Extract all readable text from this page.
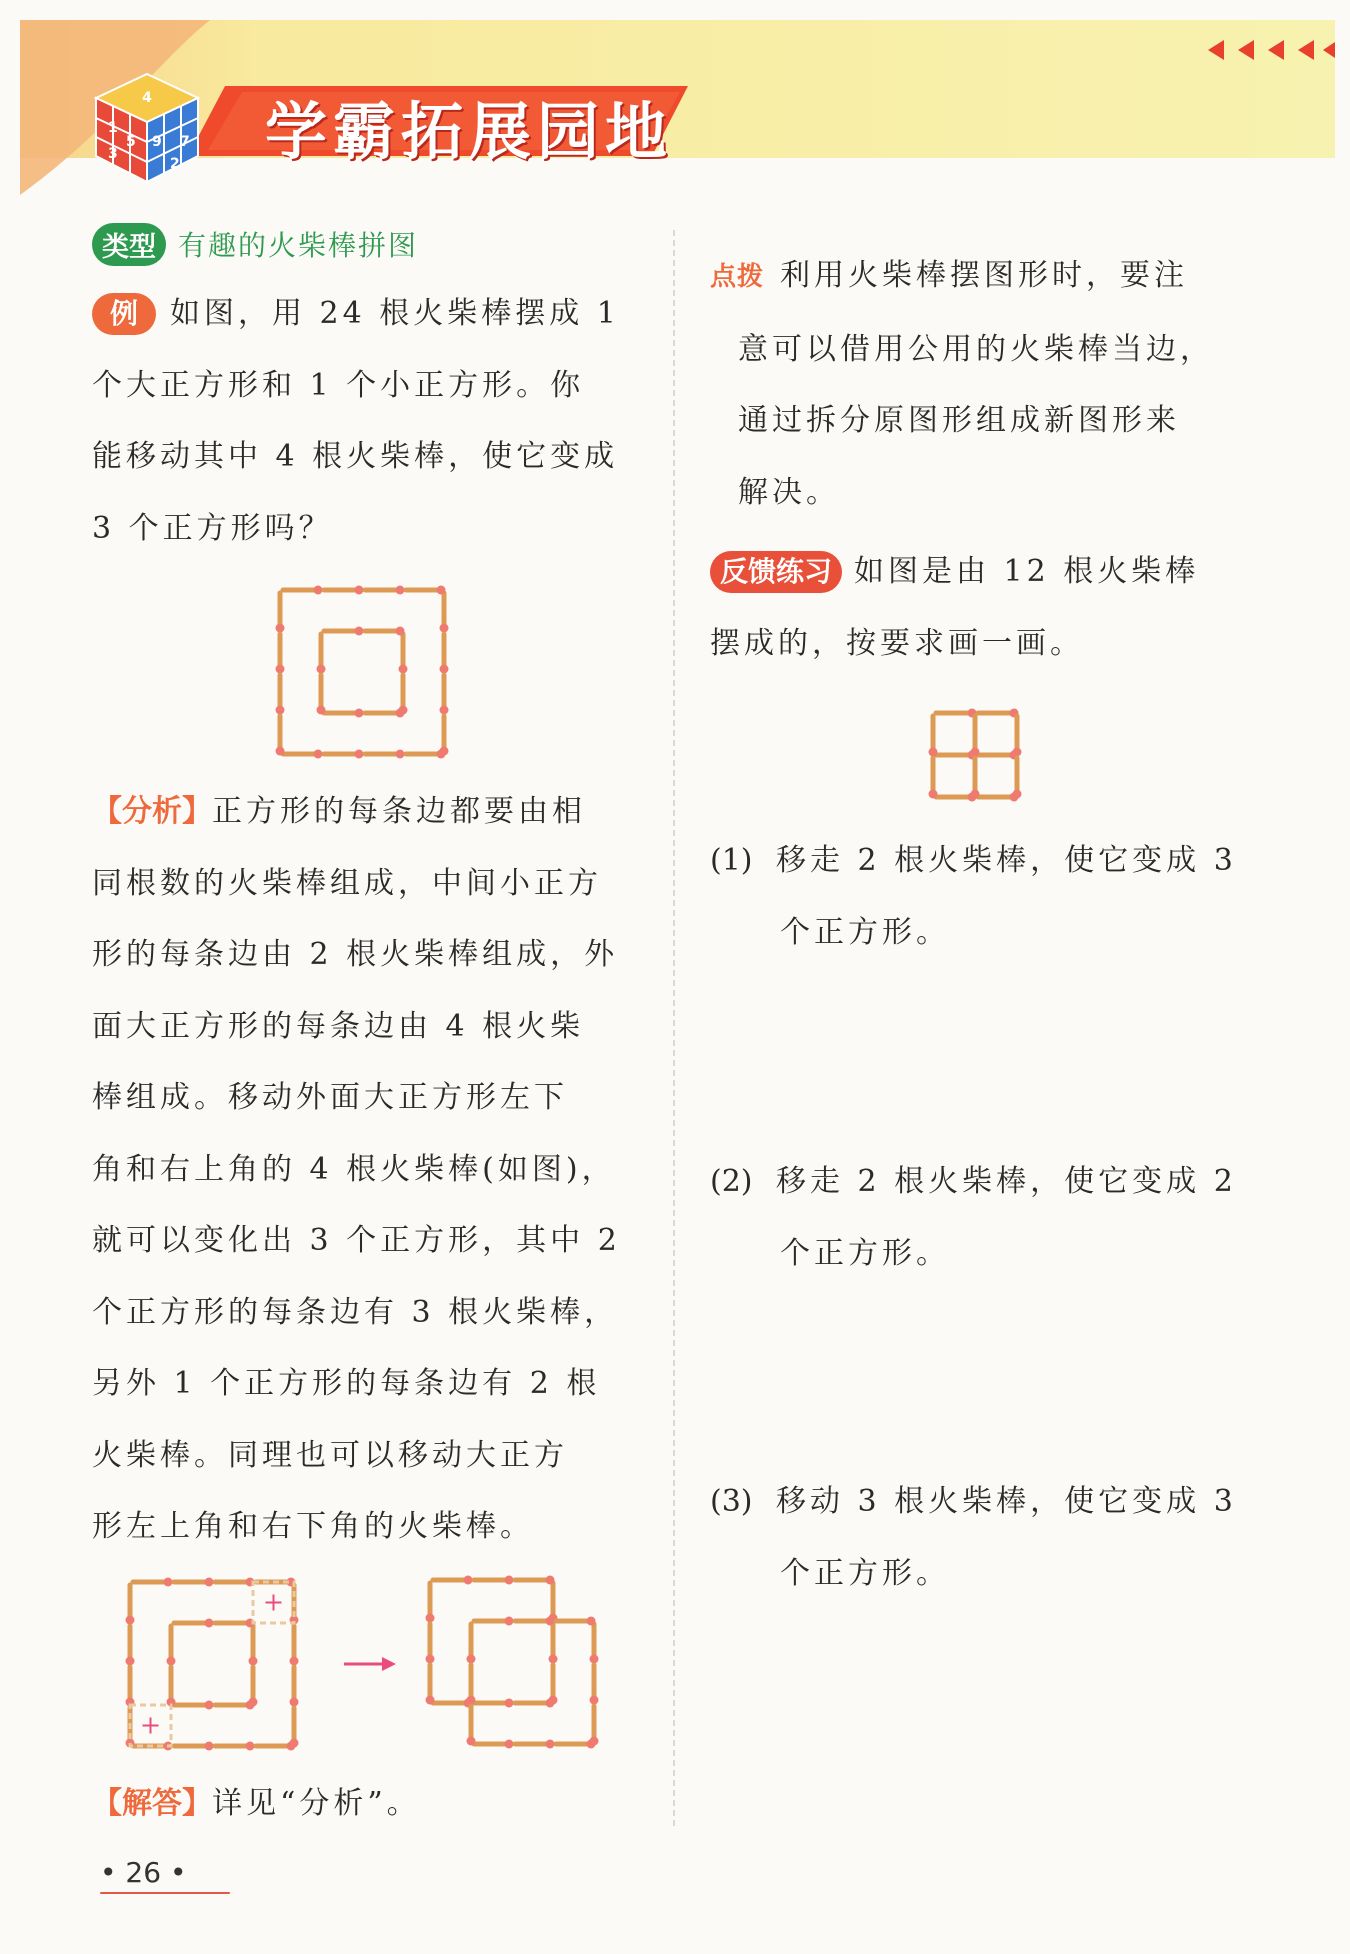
4
1
5 9 7
3
2 学霸拓展园地
类型 有趣的火柴棒拼图

例 如图，用 24 根火柴棒摆成 1
个大正方形和 1 个小正方形。你
能移动其中 4 根火柴棒，使它变成
3 个正方形吗？

【分析】正方形的每条边都要由相
同根数的火柴棒组成，中间小正方
形的每条边由 2 根火柴棒组成，外
面大正方形的每条边由 4 根火柴
棒组成。移动外面大正方形左下
角和右上角的 4 根火柴棒(如图)，
就可以变化出 3 个正方形，其中 2
个正方形的每条边有 3 根火柴棒，
另外 1 个正方形的每条边有 2 根
火柴棒。同理也可以移动大正方
形左上角和右下角的火柴棒。

【解答】详见“分析”。

点拨 利用火柴棒摆图形时，要注
意可以借用公用的火柴棒当边，
通过拆分原图形组成新图形来
解决。

反馈练习 如图是由 12 根火柴棒
摆成的，按要求画一画。

(1) 移走 2 根火柴棒，使它变成 3
个正方形。
(2) 移走 2 根火柴棒，使它变成 2
个正方形。
(3) 移动 3 根火柴棒，使它变成 3
个正方形。
• 26 •
